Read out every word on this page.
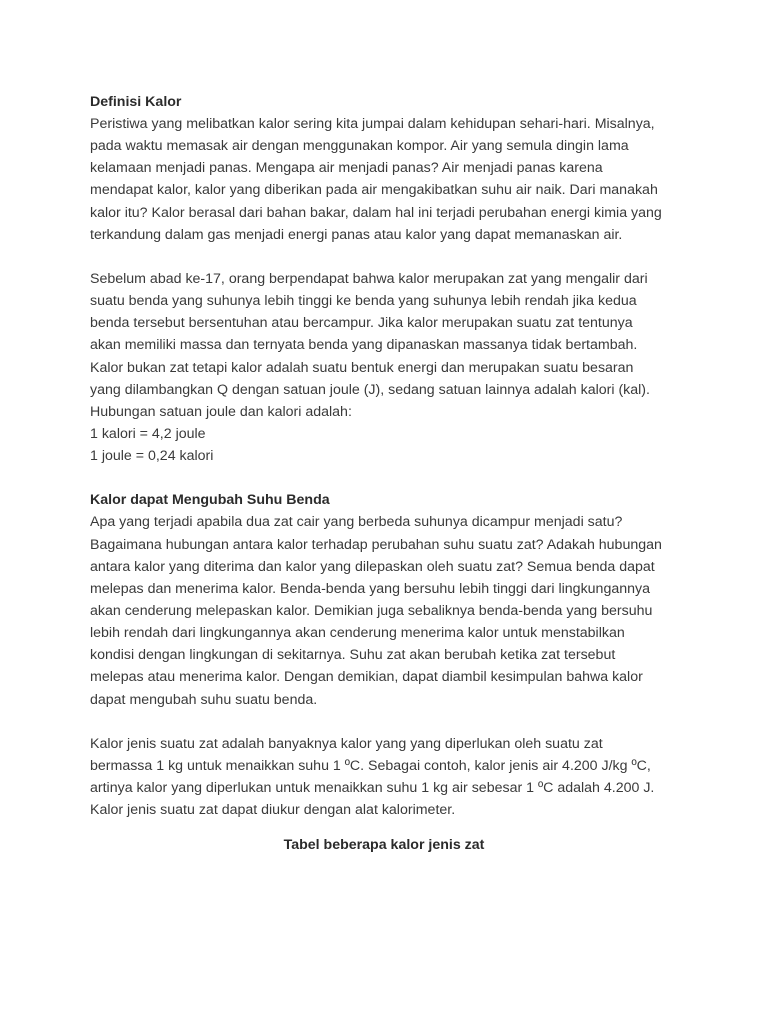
Definisi Kalor
Peristiwa yang melibatkan kalor sering kita jumpai dalam kehidupan sehari-hari. Misalnya,
pada waktu memasak air dengan menggunakan kompor. Air yang semula dingin lama
kelamaan menjadi panas. Mengapa air menjadi panas? Air menjadi panas karena
mendapat kalor, kalor yang diberikan pada air mengakibatkan suhu air naik. Dari manakah
kalor itu? Kalor berasal dari bahan bakar, dalam hal ini terjadi perubahan energi kimia yang
terkandung dalam gas menjadi energi panas atau kalor yang dapat memanaskan air.
Sebelum abad ke-17, orang berpendapat bahwa kalor merupakan zat yang mengalir dari
suatu benda yang suhunya lebih tinggi ke benda yang suhunya lebih rendah jika kedua
benda tersebut bersentuhan atau bercampur. Jika kalor merupakan suatu zat tentunya
akan memiliki massa dan ternyata benda yang dipanaskan massanya tidak bertambah.
Kalor bukan zat tetapi kalor adalah suatu bentuk energi dan merupakan suatu besaran
yang dilambangkan Q dengan satuan joule (J), sedang satuan lainnya adalah kalori (kal).
Hubungan satuan joule dan kalori adalah:
1 kalori = 4,2 joule
1 joule = 0,24 kalori
Kalor dapat Mengubah Suhu Benda
Apa yang terjadi apabila dua zat cair yang berbeda suhunya dicampur menjadi satu?
Bagaimana hubungan antara kalor terhadap perubahan suhu suatu zat? Adakah hubungan
antara kalor yang diterima dan kalor yang dilepaskan oleh suatu zat? Semua benda dapat
melepas dan menerima kalor. Benda-benda yang bersuhu lebih tinggi dari lingkungannya
akan cenderung melepaskan kalor. Demikian juga sebaliknya benda-benda yang bersuhu
lebih rendah dari lingkungannya akan cenderung menerima kalor untuk menstabilkan
kondisi dengan lingkungan di sekitarnya. Suhu zat akan berubah ketika zat tersebut
melepas atau menerima kalor. Dengan demikian, dapat diambil kesimpulan bahwa kalor
dapat mengubah suhu suatu benda.
Kalor jenis suatu zat adalah banyaknya kalor yang yang diperlukan oleh suatu zat
bermassa 1 kg untuk menaikkan suhu 1 ºC. Sebagai contoh, kalor jenis air 4.200 J/kg ºC,
artinya kalor yang diperlukan untuk menaikkan suhu 1 kg air sebesar 1 ºC adalah 4.200 J.
Kalor jenis suatu zat dapat diukur dengan alat kalorimeter.
Tabel beberapa kalor jenis zat
